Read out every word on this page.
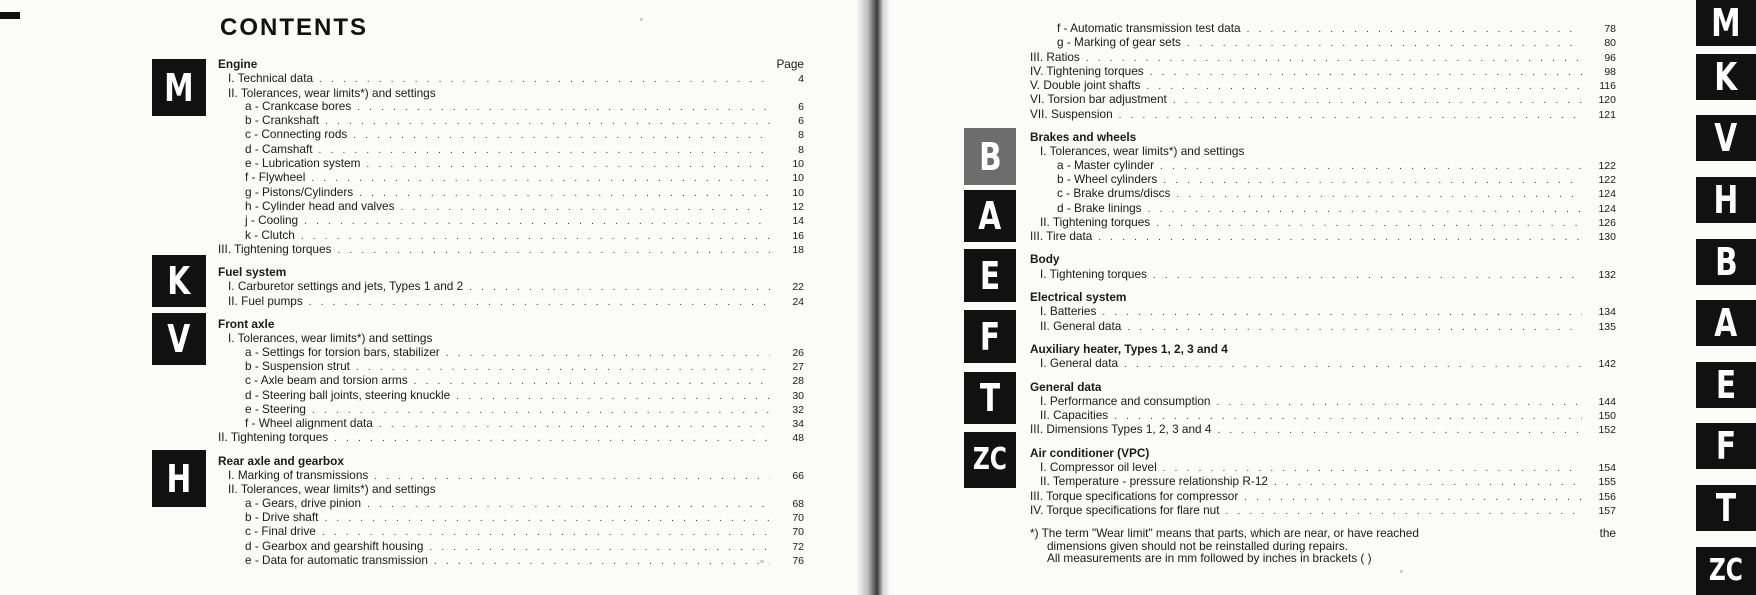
CONTENTS
M
K
V
H
Engine	Page
I. Technical data . . .	4
II. Tolerances, wear limits*) and settings
a - Crankcase bores . . .	6
b - Crankshaft . . .	6
c - Connecting rods . . .	8
d - Camshaft . . .	8
e - Lubrication system . . .	10
f - Flywheel . . .	10
g - Pistons/Cylinders . . .	10
h - Cylinder head and valves . . .	12
j - Cooling . . .	14
k - Clutch . . .	16
III. Tightening torques . . .	18
Fuel system
I. Carburetor settings and jets, Types 1 and 2 . . .	22
II. Fuel pumps . . .	24
Front axle
I. Tolerances, wear limits*) and settings
a - Settings for torsion bars, stabilizer . . .	26
b - Suspension strut . . .	27
c - Axle beam and torsion arms . . .	28
d - Steering ball joints, steering knuckle . . .	30
e - Steering . . .	32
f - Wheel alignment data . . .	34
II. Tightening torques . . .	48
Rear axle and gearbox
I. Marking of transmissions . . .	66
II. Tolerances, wear limits*) and settings
a - Gears, drive pinion . . .	68
b - Drive shaft . . .	70
c - Final drive . . .	70
d - Gearbox and gearshift housing . . .	72
e - Data for automatic transmission . . .	76
B
A
E
F
T
ZC
M
K
V
H
B
A
E
F
T
ZC
f - Automatic transmission test data . . .	78
g - Marking of gear sets . . .	80
III. Ratios . . .	96
IV. Tightening torques . . .	98
V. Double joint shafts . . .	116
VI. Torsion bar adjustment . . .	120
VII. Suspension . . .	121
Brakes and wheels
I. Tolerances, wear limits*) and settings
a - Master cylinder . . .	122
b - Wheel cylinders . . .	122
c - Brake drums/discs . . .	124
d - Brake linings . . .	124
II. Tightening torques . . .	126
III. Tire data . . .	130
Body
I. Tightening torques . . .	132
Electrical system
I. Batteries . . .	134
II. General data . . .	135
Auxiliary heater, Types 1, 2, 3 and 4
I. General data . . .	142
General data
I. Performance and consumption . . .	144
II. Capacities . . .	150
III. Dimensions Types 1, 2, 3 and 4 . . .	152
Air conditioner (VPC)
I. Compressor oil level . . .	154
II. Temperature - pressure relationship R-12 . . .	155
III. Torque specifications for compressor . . .	156
IV. Torque specifications for flare nut . . .	157

*) The term "Wear limit" means that parts, which are near, or have reached	the

dimensions given should not be reinstalled during repairs.

All measurements are in mm followed by inches in brackets ( )
